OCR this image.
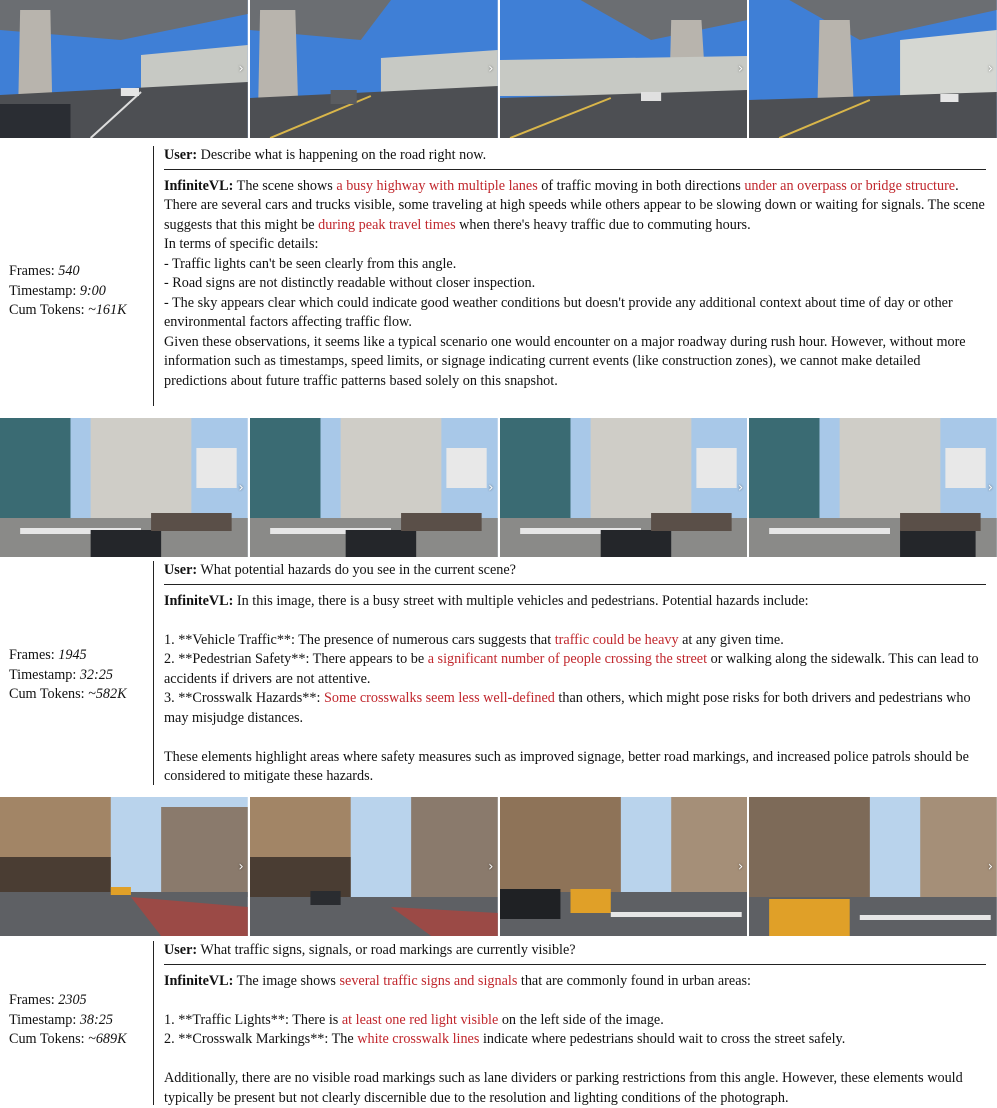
›	›	›	›
Frames: 540
Timestamp: 9:00
Cum Tokens: ~161K

User: Describe what is happening on the road right now.

InfiniteVL: The scene shows a busy highway with multiple lanes of traffic moving in both directions under an overpass or bridge structure. There are several cars and trucks visible, some traveling at high speeds while others appear to be slowing down or waiting for signals. The scene suggests that this might be during peak travel times when there's heavy traffic due to commuting hours.

In terms of specific details:

- Traffic lights can't be seen clearly from this angle.

- Road signs are not distinctly readable without closer inspection.

- The sky appears clear which could indicate good weather conditions but doesn't provide any additional context about time of day or other environmental factors affecting traffic flow.

Given these observations, it seems like a typical scenario one would encounter on a major roadway during rush hour. However, without more information such as timestamps, speed limits, or signage indicating current events (like construction zones), we cannot make detailed predictions about future traffic patterns based solely on this snapshot.

›	›	›	›
Frames: 1945
Timestamp: 32:25
Cum Tokens: ~582K

User: What potential hazards do you see in the current scene?

InfiniteVL: In this image, there is a busy street with multiple vehicles and pedestrians. Potential hazards include:

1. **Vehicle Traffic**: The presence of numerous cars suggests that traffic could be heavy at any given time.

2. **Pedestrian Safety**: There appears to be a significant number of people crossing the street or walking along the sidewalk. This can lead to accidents if drivers are not attentive.

3. **Crosswalk Hazards**: Some crosswalks seem less well-defined than others, which might pose risks for both drivers and pedestrians who may misjudge distances.

These elements highlight areas where safety measures such as improved signage, better road markings, and increased police patrols should be considered to mitigate these hazards.

›	›	›	›
Frames: 2305
Timestamp: 38:25
Cum Tokens: ~689K

User: What traffic signs, signals, or road markings are currently visible?

InfiniteVL: The image shows several traffic signs and signals that are commonly found in urban areas:

1. **Traffic Lights**: There is at least one red light visible on the left side of the image.

2. **Crosswalk Markings**: The white crosswalk lines indicate where pedestrians should wait to cross the street safely.

Additionally, there are no visible road markings such as lane dividers or parking restrictions from this angle. However, these elements would typically be present but not clearly discernible due to the resolution and lighting conditions of the photograph.
